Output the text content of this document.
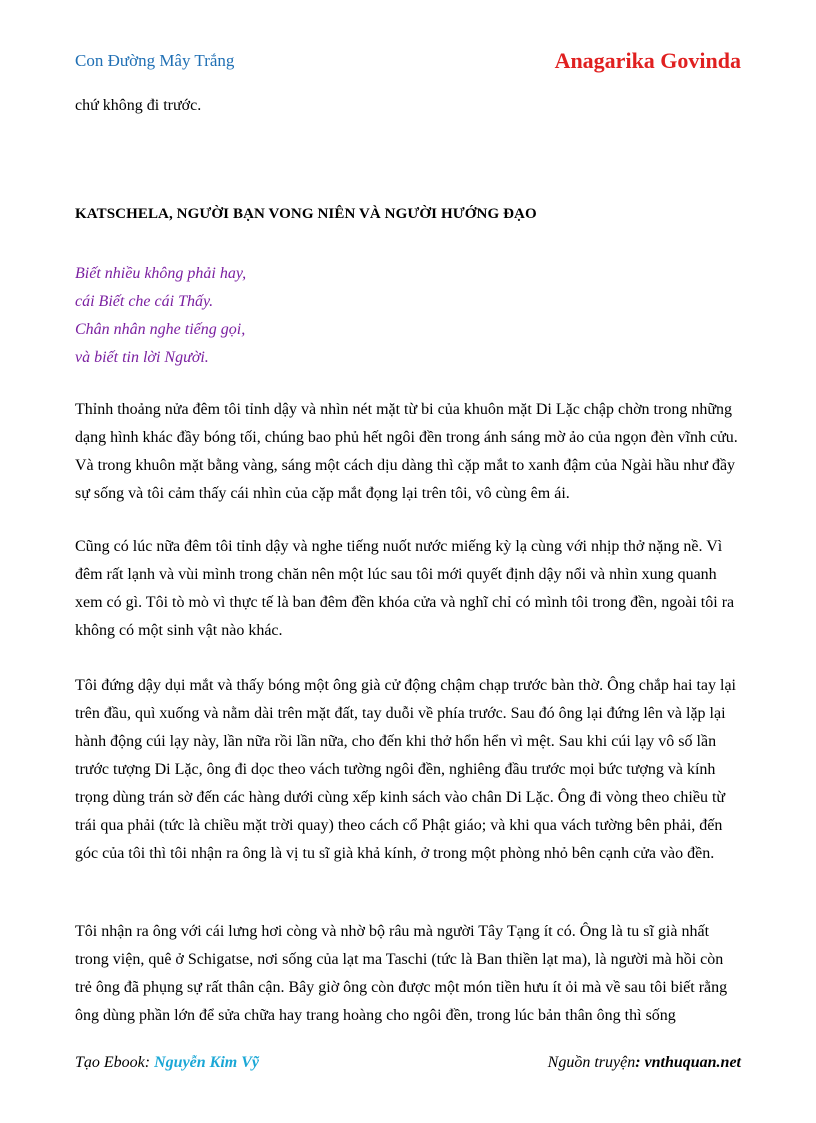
Con Đường Mây Trắng	Anagarika Govinda
chứ không đi trước.
KATSCHELA, NGƯỜI BẠN VONG NIÊN VÀ NGƯỜI HƯỚNG ĐẠO
Biết nhiều không phải hay,
cái Biết che cái Thấy.
Chân nhân nghe tiếng gọi,
và biết tin lời Người.

Thỉnh thoảng nửa đêm tôi tỉnh dậy và nhìn nét mặt từ bi của khuôn mặt Di Lặc chập chờn trong những dạng hình khác đầy bóng tối, chúng bao phủ hết ngôi đền trong ánh sáng mờ ảo của ngọn đèn vĩnh cửu. Và trong khuôn mặt bằng vàng, sáng một cách dịu dàng thì cặp mắt to xanh đậm của Ngài hầu như đầy sự sống và tôi cảm thấy cái nhìn của cặp mắt đọng lại trên tôi, vô cùng êm ái.

Cũng có lúc nữa đêm tôi tỉnh dậy và nghe tiếng nuốt nước miếng kỳ lạ cùng với nhịp thở nặng nề. Vì đêm rất lạnh và vùi mình trong chăn nên một lúc sau tôi mới quyết định dậy nổi và nhìn xung quanh xem có gì. Tôi tò mò vì thực tế là ban đêm đền khóa cửa và nghĩ chỉ có mình tôi trong đền, ngoài tôi ra không có một sinh vật nào khác.

Tôi đứng dậy dụi mắt và thấy bóng một ông già cử động chậm chạp trước bàn thờ. Ông chắp hai tay lại trên đầu, quì xuống và nằm dài trên mặt đất, tay duỗi về phía trước. Sau đó ông lại đứng lên và lặp lại hành động cúi lạy này, lần nữa rồi lần nữa, cho đến khi thở hổn hển vì mệt. Sau khi cúi lạy vô số lần trước tượng Di Lặc, ông đi dọc theo vách tường ngôi đền, nghiêng đầu trước mọi bức tượng và kính trọng dùng trán sờ đến các hàng dưới cùng xếp kinh sách vào chân Di Lặc. Ông đi vòng theo chiều từ trái qua phải (tức là chiều mặt trời quay) theo cách cổ Phật giáo; và khi qua vách tường bên phải, đến góc của tôi thì tôi nhận ra ông là vị tu sĩ già khả kính, ở trong một phòng nhỏ bên cạnh cửa vào đền.

Tôi nhận ra ông với cái lưng hơi còng và nhờ bộ râu mà người Tây Tạng ít có. Ông là tu sĩ già nhất trong viện, quê ở Schigatse, nơi sống của lạt ma Taschi (tức là Ban thiền lạt ma), là người mà hồi còn trẻ ông đã phụng sự rất thân cận. Bây giờ ông còn được một món tiền hưu ít ỏi mà về sau tôi biết rằng ông dùng phần lớn để sửa chữa hay trang hoàng cho ngôi đền, trong lúc bản thân ông thì sống

Tạo Ebook: Nguyễn Kim Vỹ	Nguồn truyện: vnthuquan.net
